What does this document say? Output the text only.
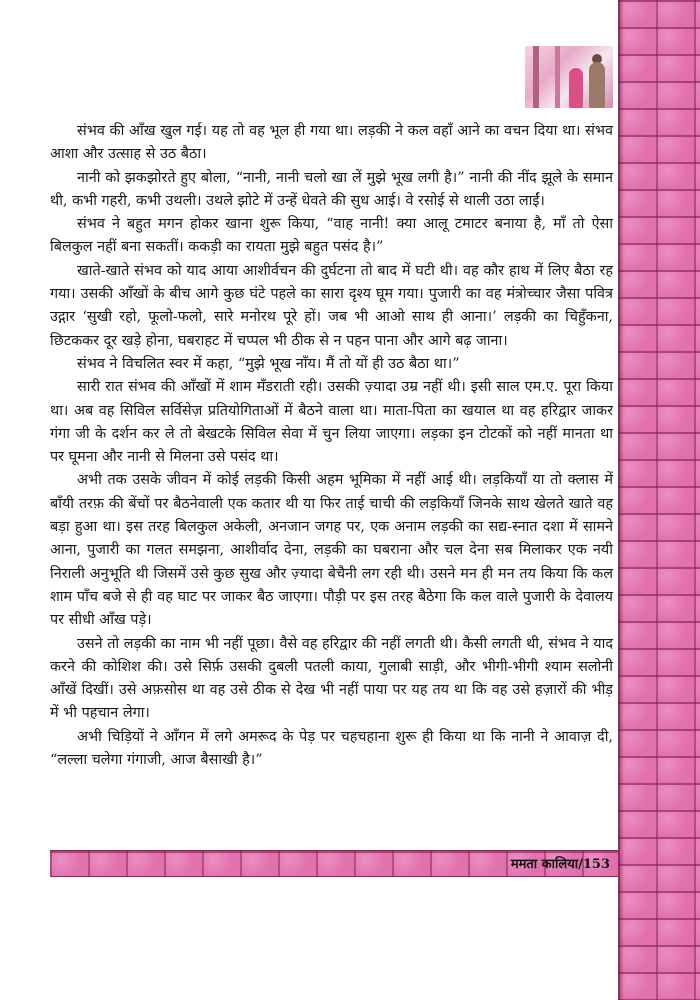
संभव की आँख खुल गई। यह तो वह भूल ही गया था। लड़की ने कल वहाँ आने का वचन दिया था। संभव आशा और उत्साह से उठ बैठा।

नानी को झकझोरते हुए बोला, “नानी, नानी चलो खा लें मुझे भूख लगी है।” नानी की नींद झूले के समान थी, कभी गहरी, कभी उथली। उथले झोटे में उन्हें धेवते की सुध आई। वे रसोई से थाली उठा लाईं।

संभव ने बहुत मगन होकर खाना शुरू किया, “वाह नानी! क्या आलू टमाटर बनाया है, माँ तो ऐसा बिलकुल नहीं बना सकतीं। ककड़ी का रायता मुझे बहुत पसंद है।”

खाते-खाते संभव को याद आया आशीर्वचन की दुर्घटना तो बाद में घटी थी। वह कौर हाथ में लिए बैठा रह गया। उसकी आँखों के बीच आगे कुछ घंटे पहले का सारा दृश्य घूम गया। पुजारी का वह मंत्रोच्चार जैसा पवित्र उद्गार ‘सुखी रहो, फूलो-फलो, सारे मनोरथ पूरे हों। जब भी आओ साथ ही आना।’ लड़की का चिहुँकना, छिटककर दूर खड़े होना, घबराहट में चप्पल भी ठीक से न पहन पाना और आगे बढ़ जाना।

संभव ने विचलित स्वर में कहा, “मुझे भूख नाँय। मैं तो यों ही उठ बैठा था।”

सारी रात संभव की आँखों में शाम मँडराती रही। उसकी ज़्यादा उम्र नहीं थी। इसी साल एम.ए. पूरा किया था। अब वह सिविल सर्विसेज़ प्रतियोगिताओं में बैठने वाला था। माता-पिता का खयाल था वह हरिद्वार जाकर गंगा जी के दर्शन कर ले तो बेखटके सिविल सेवा में चुन लिया जाएगा। लड़का इन टोटकों को नहीं मानता था पर घूमना और नानी से मिलना उसे पसंद था।

अभी तक उसके जीवन में कोई लड़की किसी अहम भूमिका में नहीं आई थी। लड़कियाँ या तो क्लास में बाँयी तरफ़ की बेंचों पर बैठनेवाली एक कतार थी या फिर ताई चाची की लड़कियाँ जिनके साथ खेलते खाते वह बड़ा हुआ था। इस तरह बिलकुल अकेली, अनजान जगह पर, एक अनाम लड़की का सद्य-स्नात दशा में सामने आना, पुजारी का गलत समझना, आशीर्वाद देना, लड़की का घबराना और चल देना सब मिलाकर एक नयी निराली अनुभूति थी जिसमें उसे कुछ सुख और ज़्यादा बेचैनी लग रही थी। उसने मन ही मन तय किया कि कल शाम पाँच बजे से ही वह घाट पर जाकर बैठ जाएगा। पौड़ी पर इस तरह बैठेगा कि कल वाले पुजारी के देवालय पर सीधी आँख पड़े।

उसने तो लड़की का नाम भी नहीं पूछा। वैसे वह हरिद्वार की नहीं लगती थी। कैसी लगती थी, संभव ने याद करने की कोशिश की। उसे सिर्फ़ उसकी दुबली पतली काया, गुलाबी साड़ी, और भीगी-भीगी श्याम सलोनी आँखें दिखीं। उसे अफ़सोस था वह उसे ठीक से देख भी नहीं पाया पर यह तय था कि वह उसे हज़ारों की भीड़ में भी पहचान लेगा।

अभी चिड़ियों ने आँगन में लगे अमरूद के पेड़ पर चहचहाना शुरू ही किया था कि नानी ने आवाज़ दी, “लल्ला चलेगा गंगाजी, आज बैसाखी है।”

ममता कालिया/153
